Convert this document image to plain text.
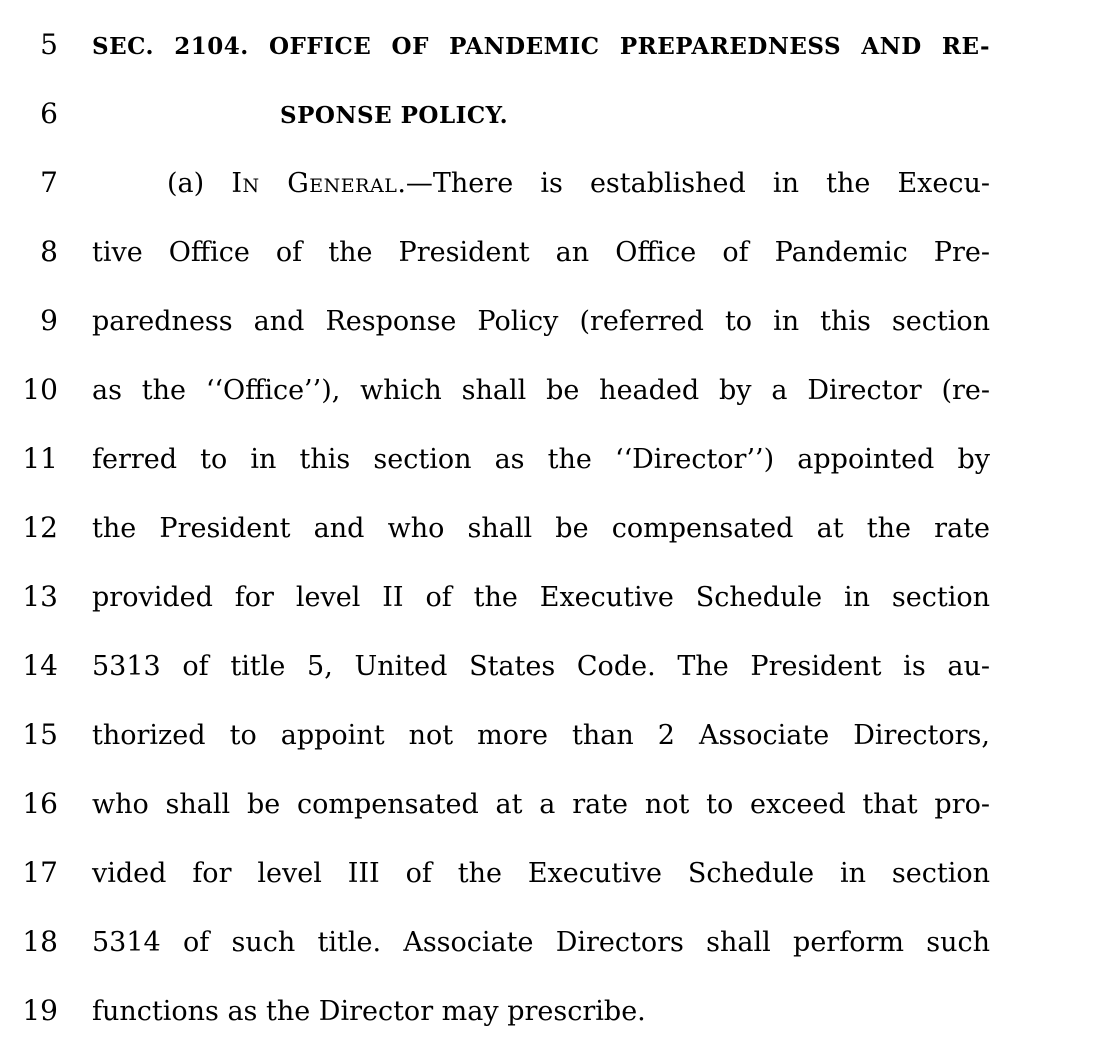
5 SEC. 2104. OFFICE OF PANDEMIC PREPAREDNESS AND RE-
6	SPONSE POLICY.
7	(a) In General.—There is established in the Execu-
8 tive Office of the President an Office of Pandemic Pre-
9 paredness and Response Policy (referred to in this section
10 as the ‘‘Office’’), which shall be headed by a Director (re-
11 ferred to in this section as the ‘‘Director’’) appointed by
12 the President and who shall be compensated at the rate
13 provided for level II of the Executive Schedule in section
14 5313 of title 5, United States Code. The President is au-
15 thorized to appoint not more than 2 Associate Directors,
16 who shall be compensated at a rate not to exceed that pro-
17 vided for level III of the Executive Schedule in section
18 5314 of such title. Associate Directors shall perform such
19 functions as the Director may prescribe.
